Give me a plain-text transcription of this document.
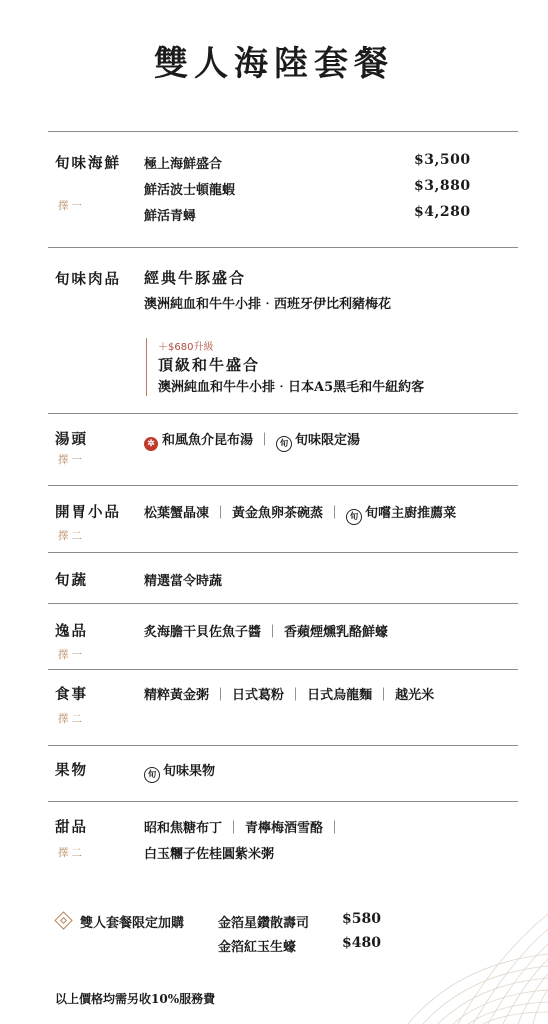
雙人海陸套餐
旬味海鮮
擇一
極上海鮮盛合	$3,500
鮮活波士頓龍蝦	$3,880
鮮活青蟳	$4,280
旬味肉品 經典牛豚盛合
澳洲純血和牛牛小排‧西班牙伊比利豬梅花
＋$680升級
頂級和牛盛合
澳洲純血和牛牛小排‧日本A5黑毛和牛紐約客
湯頭
擇一
✲ 和風魚介昆布湯 ｜ 旬 旬味限定湯
開胃小品
擇二
松葉蟹晶凍 ｜ 黃金魚卵茶碗蒸 ｜ 旬 旬嚐主廚推薦菜
旬蔬	精選當令時蔬
逸品
擇一
炙海膽干貝佐魚子醬 ｜ 香蘋煙燻乳酪鮮蠔
食事
擇二
精粹黃金粥 ｜ 日式葛粉 ｜ 日式烏龍麵 ｜ 越光米
果物	旬 旬味果物
甜品
擇二
昭和焦糖布丁 ｜ 青檸梅酒雪酪 ｜
白玉糰子佐桂圓紫米粥
雙人套餐限定加購	金箔星鑽散壽司 $580
金箔紅玉生蠔	$480
以上價格均需另收10%服務費
